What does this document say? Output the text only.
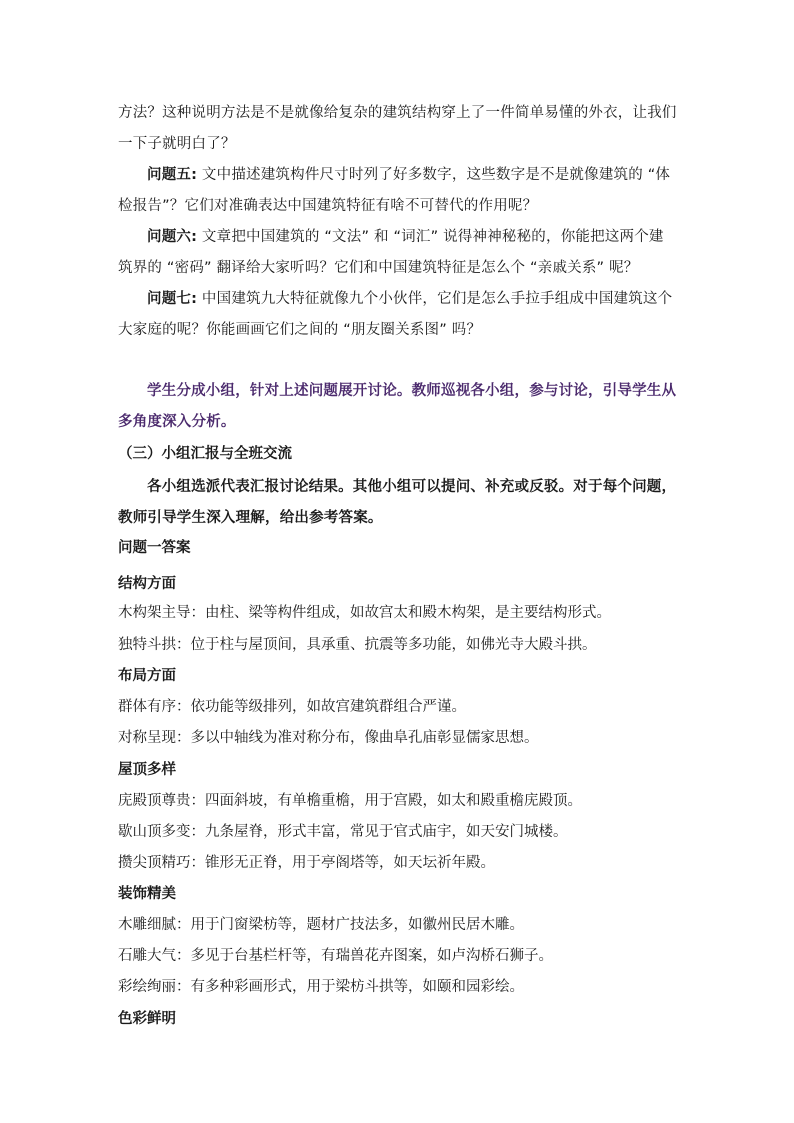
方法？这种说明方法是不是就像给复杂的建筑结构穿上了一件简单易懂的外衣，让我们一下子就明白了？
问题五: 文中描述建筑构件尺寸时列了好多数字，这些数字是不是就像建筑的 “体检报告”？它们对准确表达中国建筑特征有啥不可替代的作用呢？
问题六: 文章把中国建筑的 “文法” 和 “词汇” 说得神神秘秘的，你能把这两个建筑界的 “密码” 翻译给大家听吗？它们和中国建筑特征是怎么个 “亲戚关系” 呢？
问题七: 中国建筑九大特征就像九个小伙伴，它们是怎么手拉手组成中国建筑这个大家庭的呢？你能画画它们之间的 “朋友圈关系图” 吗？
学生分成小组，针对上述问题展开讨论。教师巡视各小组，参与讨论，引导学生从多角度深入分析。
（三）小组汇报与全班交流
各小组选派代表汇报讨论结果。其他小组可以提问、补充或反驳。对于每个问题，教师引导学生深入理解，给出参考答案。
问题一答案
结构方面
木构架主导：由柱、梁等构件组成，如故宫太和殿木构架，是主要结构形式。
独特斗拱：位于柱与屋顶间，具承重、抗震等多功能，如佛光寺大殿斗拱。
布局方面
群体有序：依功能等级排列，如故宫建筑群组合严谨。
对称呈现：多以中轴线为准对称分布，像曲阜孔庙彰显儒家思想。
屋顶多样
庑殿顶尊贵：四面斜坡，有单檐重檐，用于宫殿，如太和殿重檐庑殿顶。
歇山顶多变：九条屋脊，形式丰富，常见于官式庙宇，如天安门城楼。
攒尖顶精巧：锥形无正脊，用于亭阁塔等，如天坛祈年殿。
装饰精美
木雕细腻：用于门窗梁枋等，题材广技法多，如徽州民居木雕。
石雕大气：多见于台基栏杆等，有瑞兽花卉图案，如卢沟桥石狮子。
彩绘绚丽：有多种彩画形式，用于梁枋斗拱等，如颐和园彩绘。
色彩鲜明
